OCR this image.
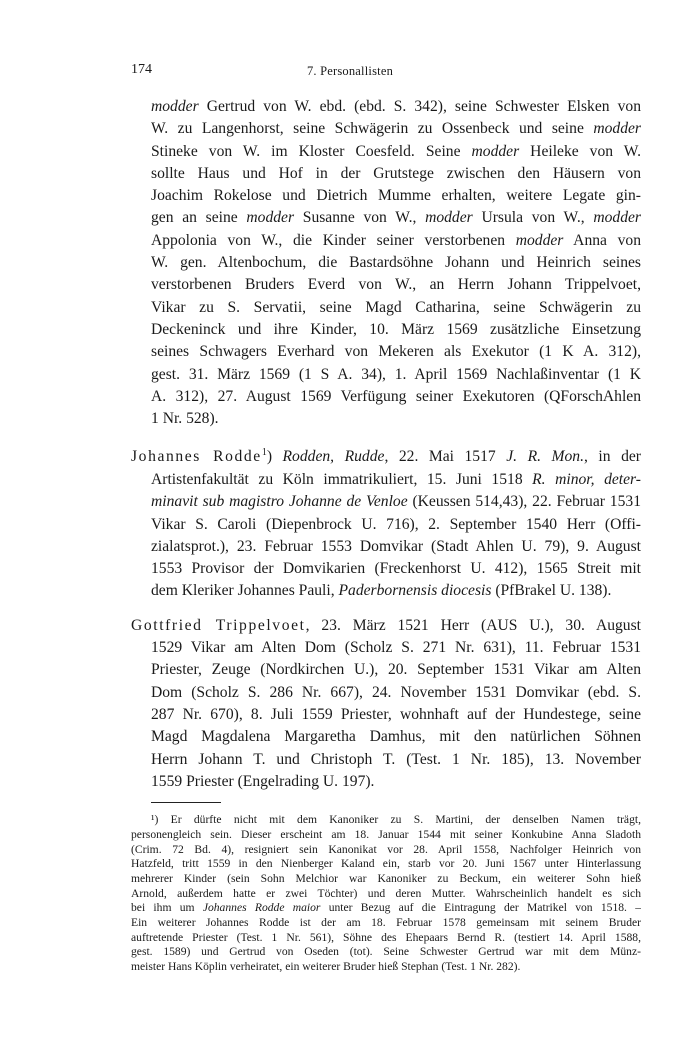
174	7. Personallisten
modder Gertrud von W. ebd. (ebd. S. 342), seine Schwester Elsken von
W. zu Langenhorst, seine Schwägerin zu Ossenbeck und seine modder
Stineke von W. im Kloster Coesfeld. Seine modder Heileke von W.
sollte Haus und Hof in der Grutstege zwischen den Häusern von
Joachim Rokelose und Dietrich Mumme erhalten, weitere Legate gin-
gen an seine modder Susanne von W., modder Ursula von W., modder
Appolonia von W., die Kinder seiner verstorbenen modder Anna von
W. gen. Altenbochum, die Bastardsöhne Johann und Heinrich seines
verstorbenen Bruders Everd von W., an Herrn Johann Trippelvoet,
Vikar zu S. Servatii, seine Magd Catharina, seine Schwägerin zu
Deckeninck und ihre Kinder, 10. März 1569 zusätzliche Einsetzung
seines Schwagers Everhard von Mekeren als Exekutor (1 K A. 312),
gest. 31. März 1569 (1 S A. 34), 1. April 1569 Nachlaßinventar (1 K
A. 312), 27. August 1569 Verfügung seiner Exekutoren (QForschAhlen
1 Nr. 528).
Johannes Rodde$^1$) Rodden, Rudde, 22. Mai 1517 J. R. Mon., in der
Artistenfakultät zu Köln immatrikuliert, 15. Juni 1518 R. minor, deter-
minavit sub magistro Johanne de Venloe (Keussen 514,43), 22. Februar 1531
Vikar S. Caroli (Diepenbrock U. 716), 2. September 1540 Herr (Offi-
zialatsprot.), 23. Februar 1553 Domvikar (Stadt Ahlen U. 79), 9. August
1553 Provisor der Domvikarien (Freckenhorst U. 412), 1565 Streit mit
dem Kleriker Johannes Pauli, Paderbornensis diocesis (PfBrakel U. 138).
Gottfried Trippelvoet, 23. März 1521 Herr (AUS U.), 30. August
1529 Vikar am Alten Dom (Scholz S. 271 Nr. 631), 11. Februar 1531
Priester, Zeuge (Nordkirchen U.), 20. September 1531 Vikar am Alten
Dom (Scholz S. 286 Nr. 667), 24. November 1531 Domvikar (ebd. S.
287 Nr. 670), 8. Juli 1559 Priester, wohnhaft auf der Hundestege, seine
Magd Magdalena Margaretha Damhus, mit den natürlichen Söhnen
Herrn Johann T. und Christoph T. (Test. 1 Nr. 185), 13. November
1559 Priester (Engelrading U. 197).
¹) Er dürfte nicht mit dem Kanoniker zu S. Martini, der denselben Namen trägt,
personengleich sein. Dieser erscheint am 18. Januar 1544 mit seiner Konkubine Anna Sladoth
(Crim. 72 Bd. 4), resigniert sein Kanonikat vor 28. April 1558, Nachfolger Heinrich von
Hatzfeld, tritt 1559 in den Nienberger Kaland ein, starb vor 20. Juni 1567 unter Hinterlassung
mehrerer Kinder (sein Sohn Melchior war Kanoniker zu Beckum, ein weiterer Sohn hieß
Arnold, außerdem hatte er zwei Töchter) und deren Mutter. Wahrscheinlich handelt es sich
bei ihm um Johannes Rodde maior unter Bezug auf die Eintragung der Matrikel von 1518. –
Ein weiterer Johannes Rodde ist der am 18. Februar 1578 gemeinsam mit seinem Bruder
auftretende Priester (Test. 1 Nr. 561), Söhne des Ehepaars Bernd R. (testiert 14. April 1588,
gest. 1589) und Gertrud von Oseden (tot). Seine Schwester Gertrud war mit dem Münz-
meister Hans Köplin verheiratet, ein weiterer Bruder hieß Stephan (Test. 1 Nr. 282).
